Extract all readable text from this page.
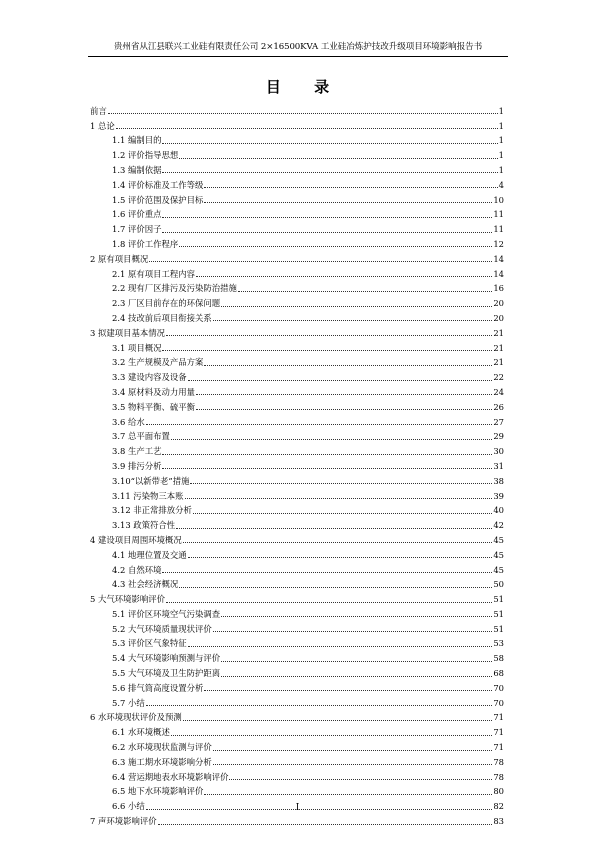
贵州省从江县联兴工业硅有限责任公司 2×16500KVA 工业硅冶炼护技改升级项目环境影响报告书
目 录
前言	1
1 总论	1
1.1 编制目的	1
1.2 评价指导思想	1
1.3 编制依据	1
1.4 评价标准及工作等级	4
1.5 评价范围及保护目标	10
1.6 评价重点	11
1.7 评价因子	11
1.8 评价工作程序	12
2 原有项目概况	14
2.1 原有项目工程内容	14
2.2 现有厂区排污及污染防治措施	16
2.3 厂区目前存在的环保问题	20
2.4 技改前后项目衔接关系	20
3 拟建项目基本情况	21
3.1 项目概况	21
3.2 生产规模及产品方案	21
3.3 建设内容及设备	22
3.4 原材料及动力用量	24
3.5 物料平衡、硫平衡	26
3.6 给水	27
3.7 总平面布置	29
3.8 生产工艺	30
3.9 排污分析	31
3.10“以新带老”措施	38
3.11 污染物三本账	39
3.12 非正常排放分析	40
3.13 政策符合性	42
4 建设项目周围环境概况	45
4.1 地理位置及交通	45
4.2 自然环境	45
4.3 社会经济概况	50
5 大气环境影响评价	51
5.1 评价区环境空气污染调查	51
5.2 大气环境质量现状评价	51
5.3 评价区气象特征	53
5.4 大气环境影响预测与评价	58
5.5 大气环境及卫生防护距离	68
5.6 排气筒高度设置分析	70
5.7 小结	70
6 水环境现状评价及预测	71
6.1 水环境概述	71
6.2 水环境现状监测与评价	71
6.3 施工期水环境影响分析	78
6.4 营运期地表水环境影响评价	78
6.5 地下水环境影响评价	80
6.6 小结	82
7 声环境影响评价	83
I
